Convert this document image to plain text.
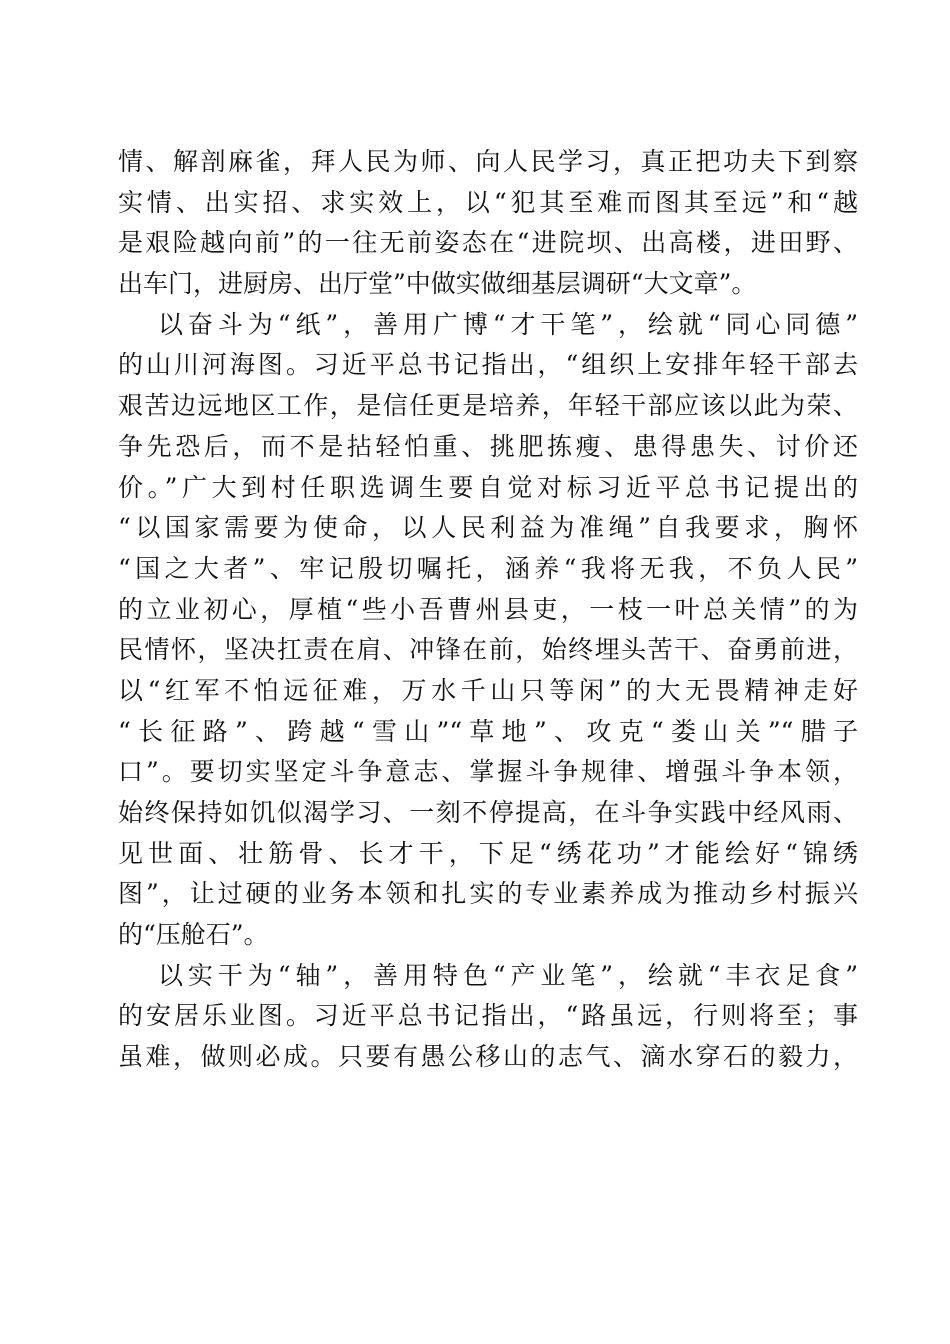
情、解剖麻雀，拜人民为师、向人民学习，真正把功夫下到察
实情、出实招、求实效上，以“犯其至难而图其至远”和“越
是艰险越向前”的一往无前姿态在“进院坝、出高楼，进田野、
出车门，进厨房、出厅堂”中做实做细基层调研“大文章”。
以奋斗为“纸”，善用广博“才干笔”，绘就“同心同德”
的山川河海图。习近平总书记指出，“组织上安排年轻干部去
艰苦边远地区工作，是信任更是培养，年轻干部应该以此为荣、
争先恐后，而不是拈轻怕重、挑肥拣瘦、患得患失、讨价还
价。”广大到村任职选调生要自觉对标习近平总书记提出的
“以国家需要为使命，以人民利益为准绳”自我要求，胸怀
“国之大者”、牢记殷切嘱托，涵养“我将无我，不负人民”
的立业初心，厚植“些小吾曹州县吏，一枝一叶总关情”的为
民情怀，坚决扛责在肩、冲锋在前，始终埋头苦干、奋勇前进，
以“红军不怕远征难，万水千山只等闲”的大无畏精神走好
“长征路”、跨越“雪山”“草地”、攻克“娄山关”“腊子
口”。要切实坚定斗争意志、掌握斗争规律、增强斗争本领，
始终保持如饥似渴学习、一刻不停提高，在斗争实践中经风雨、
见世面、壮筋骨、长才干，下足“绣花功”才能绘好“锦绣
图”，让过硬的业务本领和扎实的专业素养成为推动乡村振兴
的“压舱石”。
以实干为“轴”，善用特色“产业笔”，绘就“丰衣足食”
的安居乐业图。习近平总书记指出，“路虽远，行则将至；事
虽难，做则必成。只要有愚公移山的志气、滴水穿石的毅力，
